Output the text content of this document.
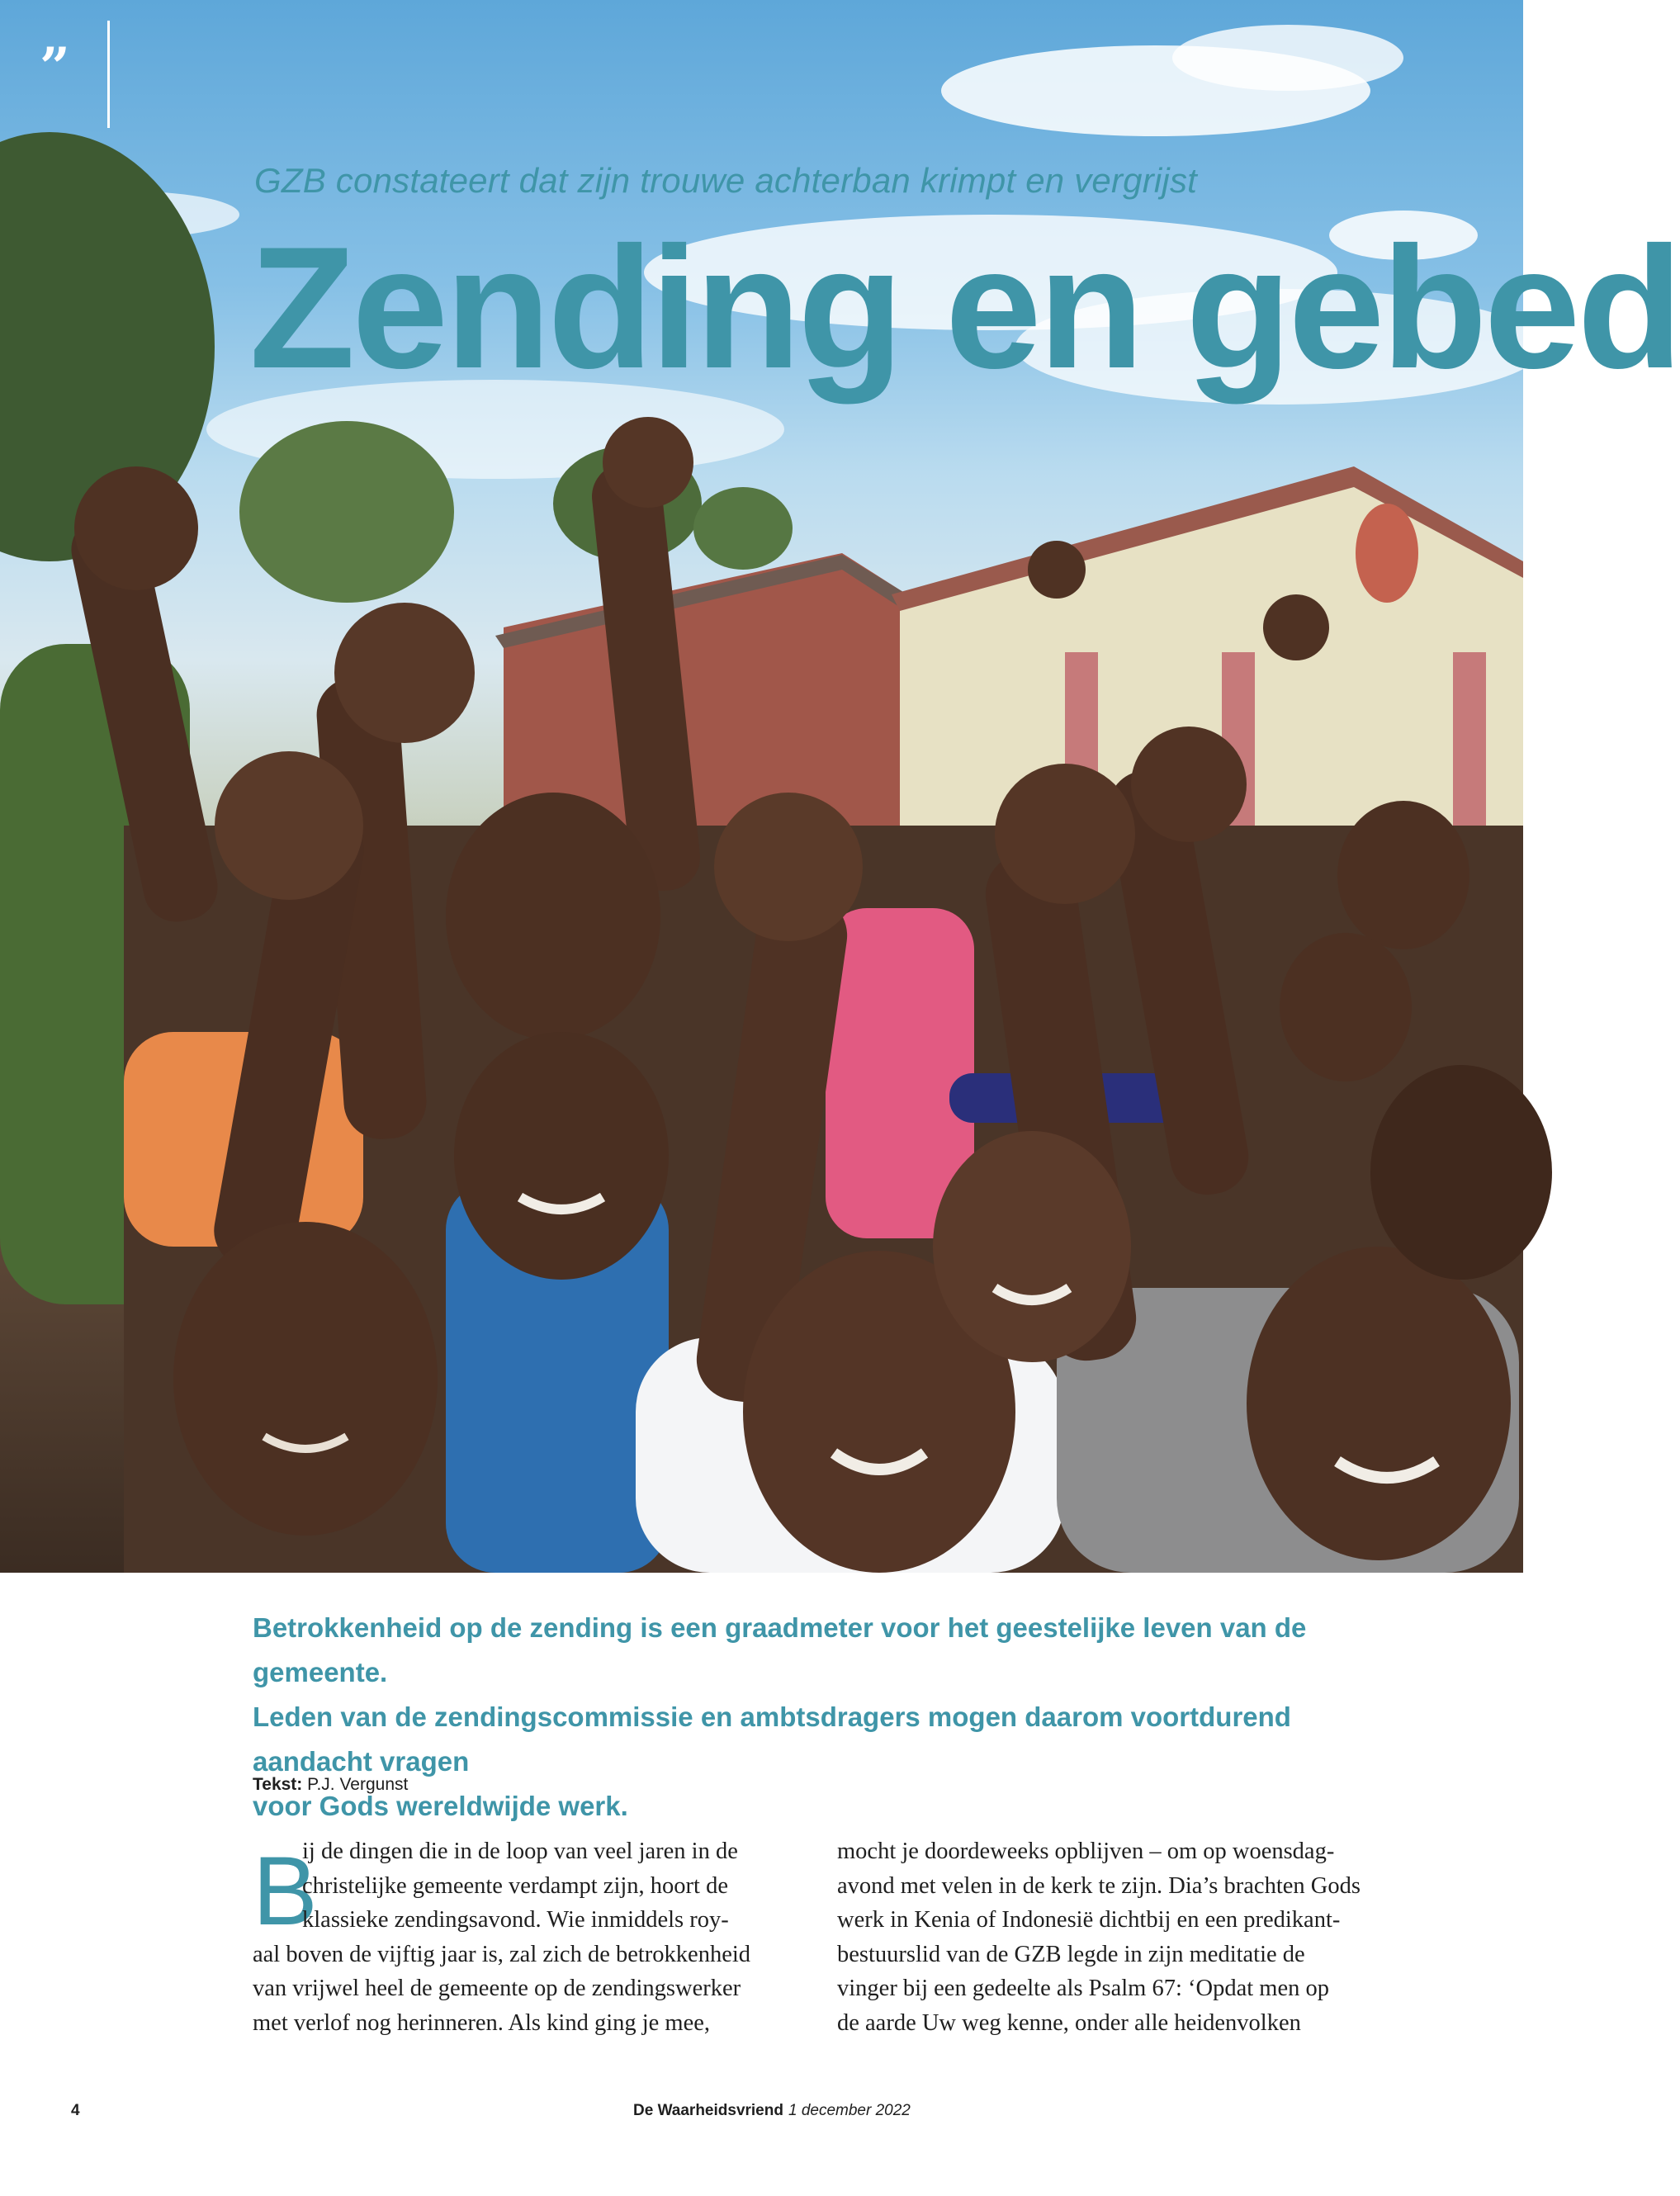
”
GZB constateert dat zijn trouwe achterban krimpt en vergrijst
Zending en gebed
Betrokkenheid op de zending is een graadmeter voor het geestelijke leven van de gemeente.
Leden van de zendingscommissie en ambtsdragers mogen daarom voortdurend aandacht vragen
voor Gods wereldwijde werk.
Tekst: P.J. Vergunst
B
ij de dingen die in de loop van veel jaren in de
christelijke gemeente verdampt zijn, hoort de
klassieke zendingsavond. Wie inmiddels roy-
aal boven de vijftig jaar is, zal zich de betrokkenheid
van vrijwel heel de gemeente op de zendingswerker
met verlof nog herinneren. Als kind ging je mee,
mocht je doordeweeks opblijven – om op woensdag-
avond met velen in de kerk te zijn. Dia’s brachten Gods
werk in Kenia of Indonesië dichtbij en een predikant-
bestuurslid van de GZB legde in zijn meditatie de
vinger bij een gedeelte als Psalm 67: ‘Opdat men op
de aarde Uw weg kenne, onder alle heidenvolken
4	De Waarheidsvriend 1 december 2022
